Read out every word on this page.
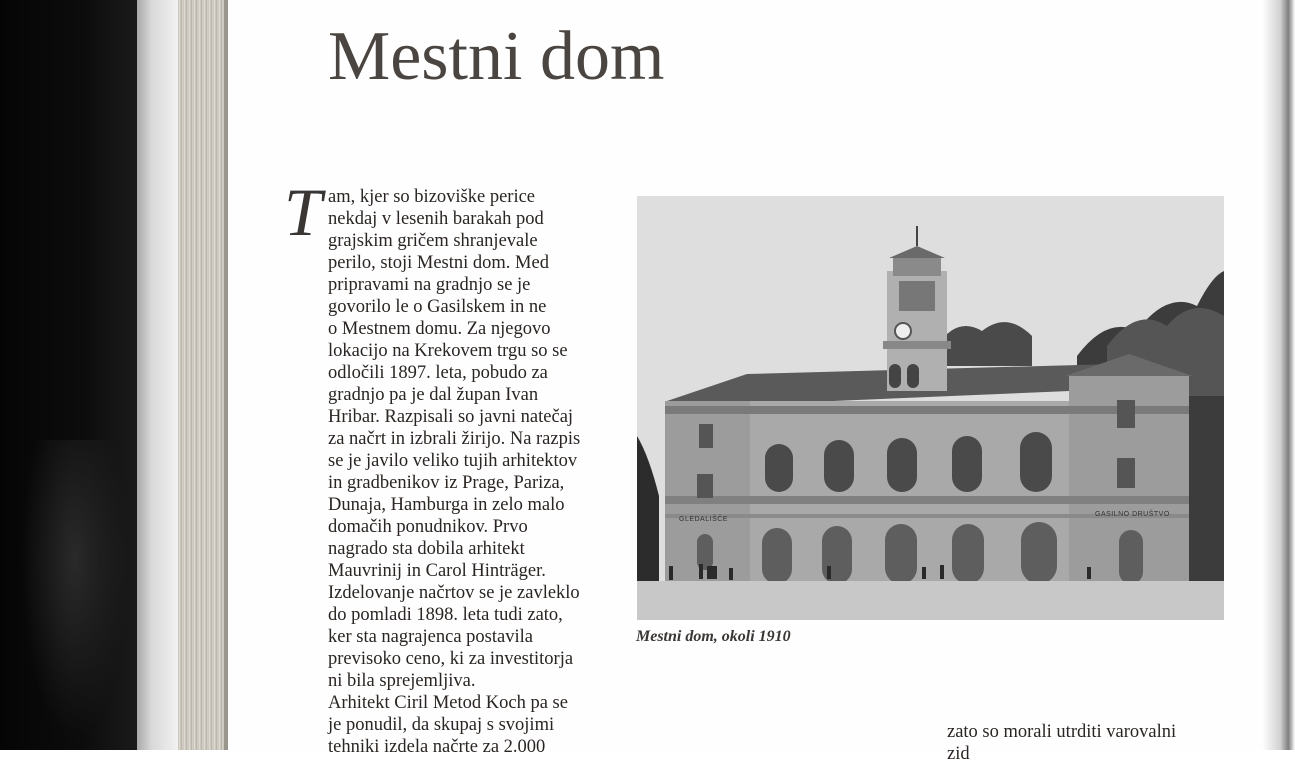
Mestni dom
T am, kjer so bizoviške perice
nekdaj v lesenih barakah pod
grajskim gričem shranjevale
perilo, stoji Mestni dom. Med
pripravami na gradnjo se je
govorilo le o Gasilskem in ne
o Mestnem domu. Za njegovo
lokacijo na Krekovem trgu so se
odločili 1897. leta, pobudo za
gradnjo pa je dal župan Ivan
Hribar. Razpisali so javni natečaj
za načrt in izbrali žirijo. Na razpis
se je javilo veliko tujih arhitektov
in gradbenikov iz Prage, Pariza,
Dunaja, Hamburga in zelo malo
domačih ponudnikov. Prvo
nagrado sta dobila arhitekt
Mauvrinij in Carol Hinträger.
Izdelovanje načrtov se je zavleklo
do pomladi 1898. leta tudi zato,
ker sta nagrajenca postavila
previsoko ceno, ki za investitorja
ni bila sprejemljiva.
Arhitekt Ciril Metod Koch pa se
je ponudil, da skupaj s svojimi
tehniki izdela načrte za 2.000
GLEDALIŠČE
GASILNO DRUŠTVO
Mestni dom, okoli 1910
zato so morali utrditi varovalni
zid
